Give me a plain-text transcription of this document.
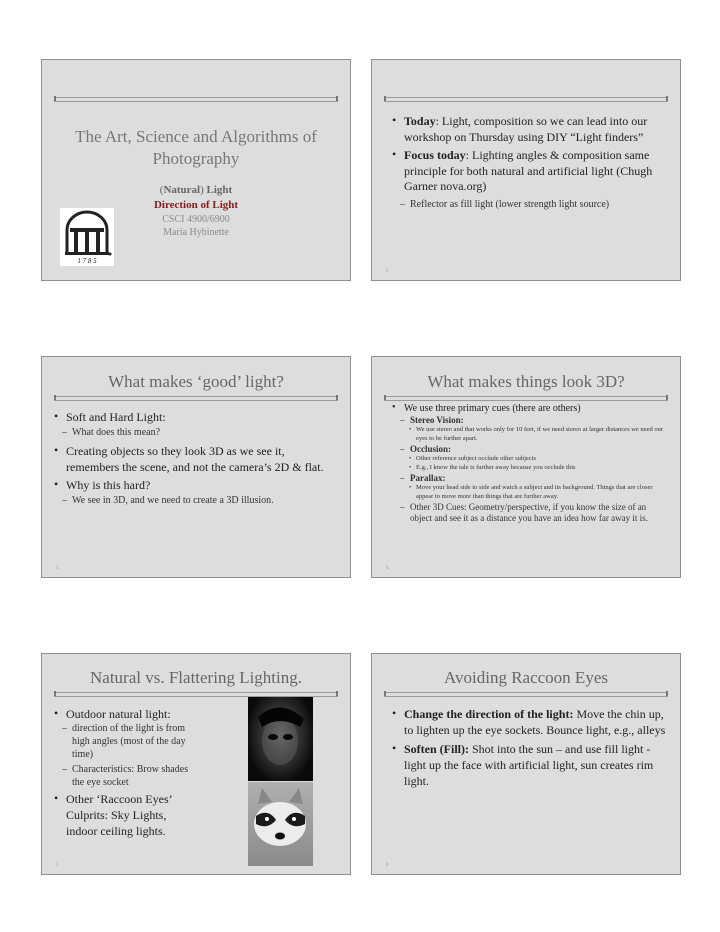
The Art, Science and Algorithms of Photography
(Natural) Light
Direction of Light
CSCI 4900/6900
Maria Hybinette
1 7 8 5
• Today: Light, composition so we can lead into our workshop on Thursday using DIY “Light finders”
• Focus today: Lighting angles & composition same principle for both natural and artificial light (Chugh Garner nova.org)
– Reflector as fill light (lower strength light source)
2
What makes ‘good’ light?
• Soft and Hard Light:
– What does this mean?
• Creating objects so they look 3D as we see it, remembers the scene, and not the camera’s 2D & flat.
• Why is this hard?
– We see in 3D, and we need to create a 3D illusion.
3
What makes things look 3D?
• We use three primary cues (there are others)
– Stereo Vision:
• We use stereo and that works only for 10 feet, if we need stereo at larger distances we need our eyes to be further apart.
– Occlusion:
• Other reference subject occlude other subjects
• E.g., I know the tale is further away because you occlude this
– Parallax:
• Move your head side to side and watch a subject and its background. Things that are closer appear to move more than things that are further away.
– Other 3D Cues: Geometry/perspective, if you know the size of an object and see it as a distance you have an idea how far away it is.
4
Natural vs. Flattering Lighting.
• Outdoor natural light:
– direction of the light is from high angles (most of the day time)
– Characteristics: Brow shades the eye socket
• Other ‘Raccoon Eyes’ Culprits: Sky Lights, indoor ceiling lights.
5
Avoiding Raccoon Eyes
• Change the direction of the light: Move the chin up, to lighten up the eye sockets. Bounce light, e.g., alleys
• Soften (Fill): Shot into the sun – and use fill light - light up the face with artificial light, sun creates rim light.
6
